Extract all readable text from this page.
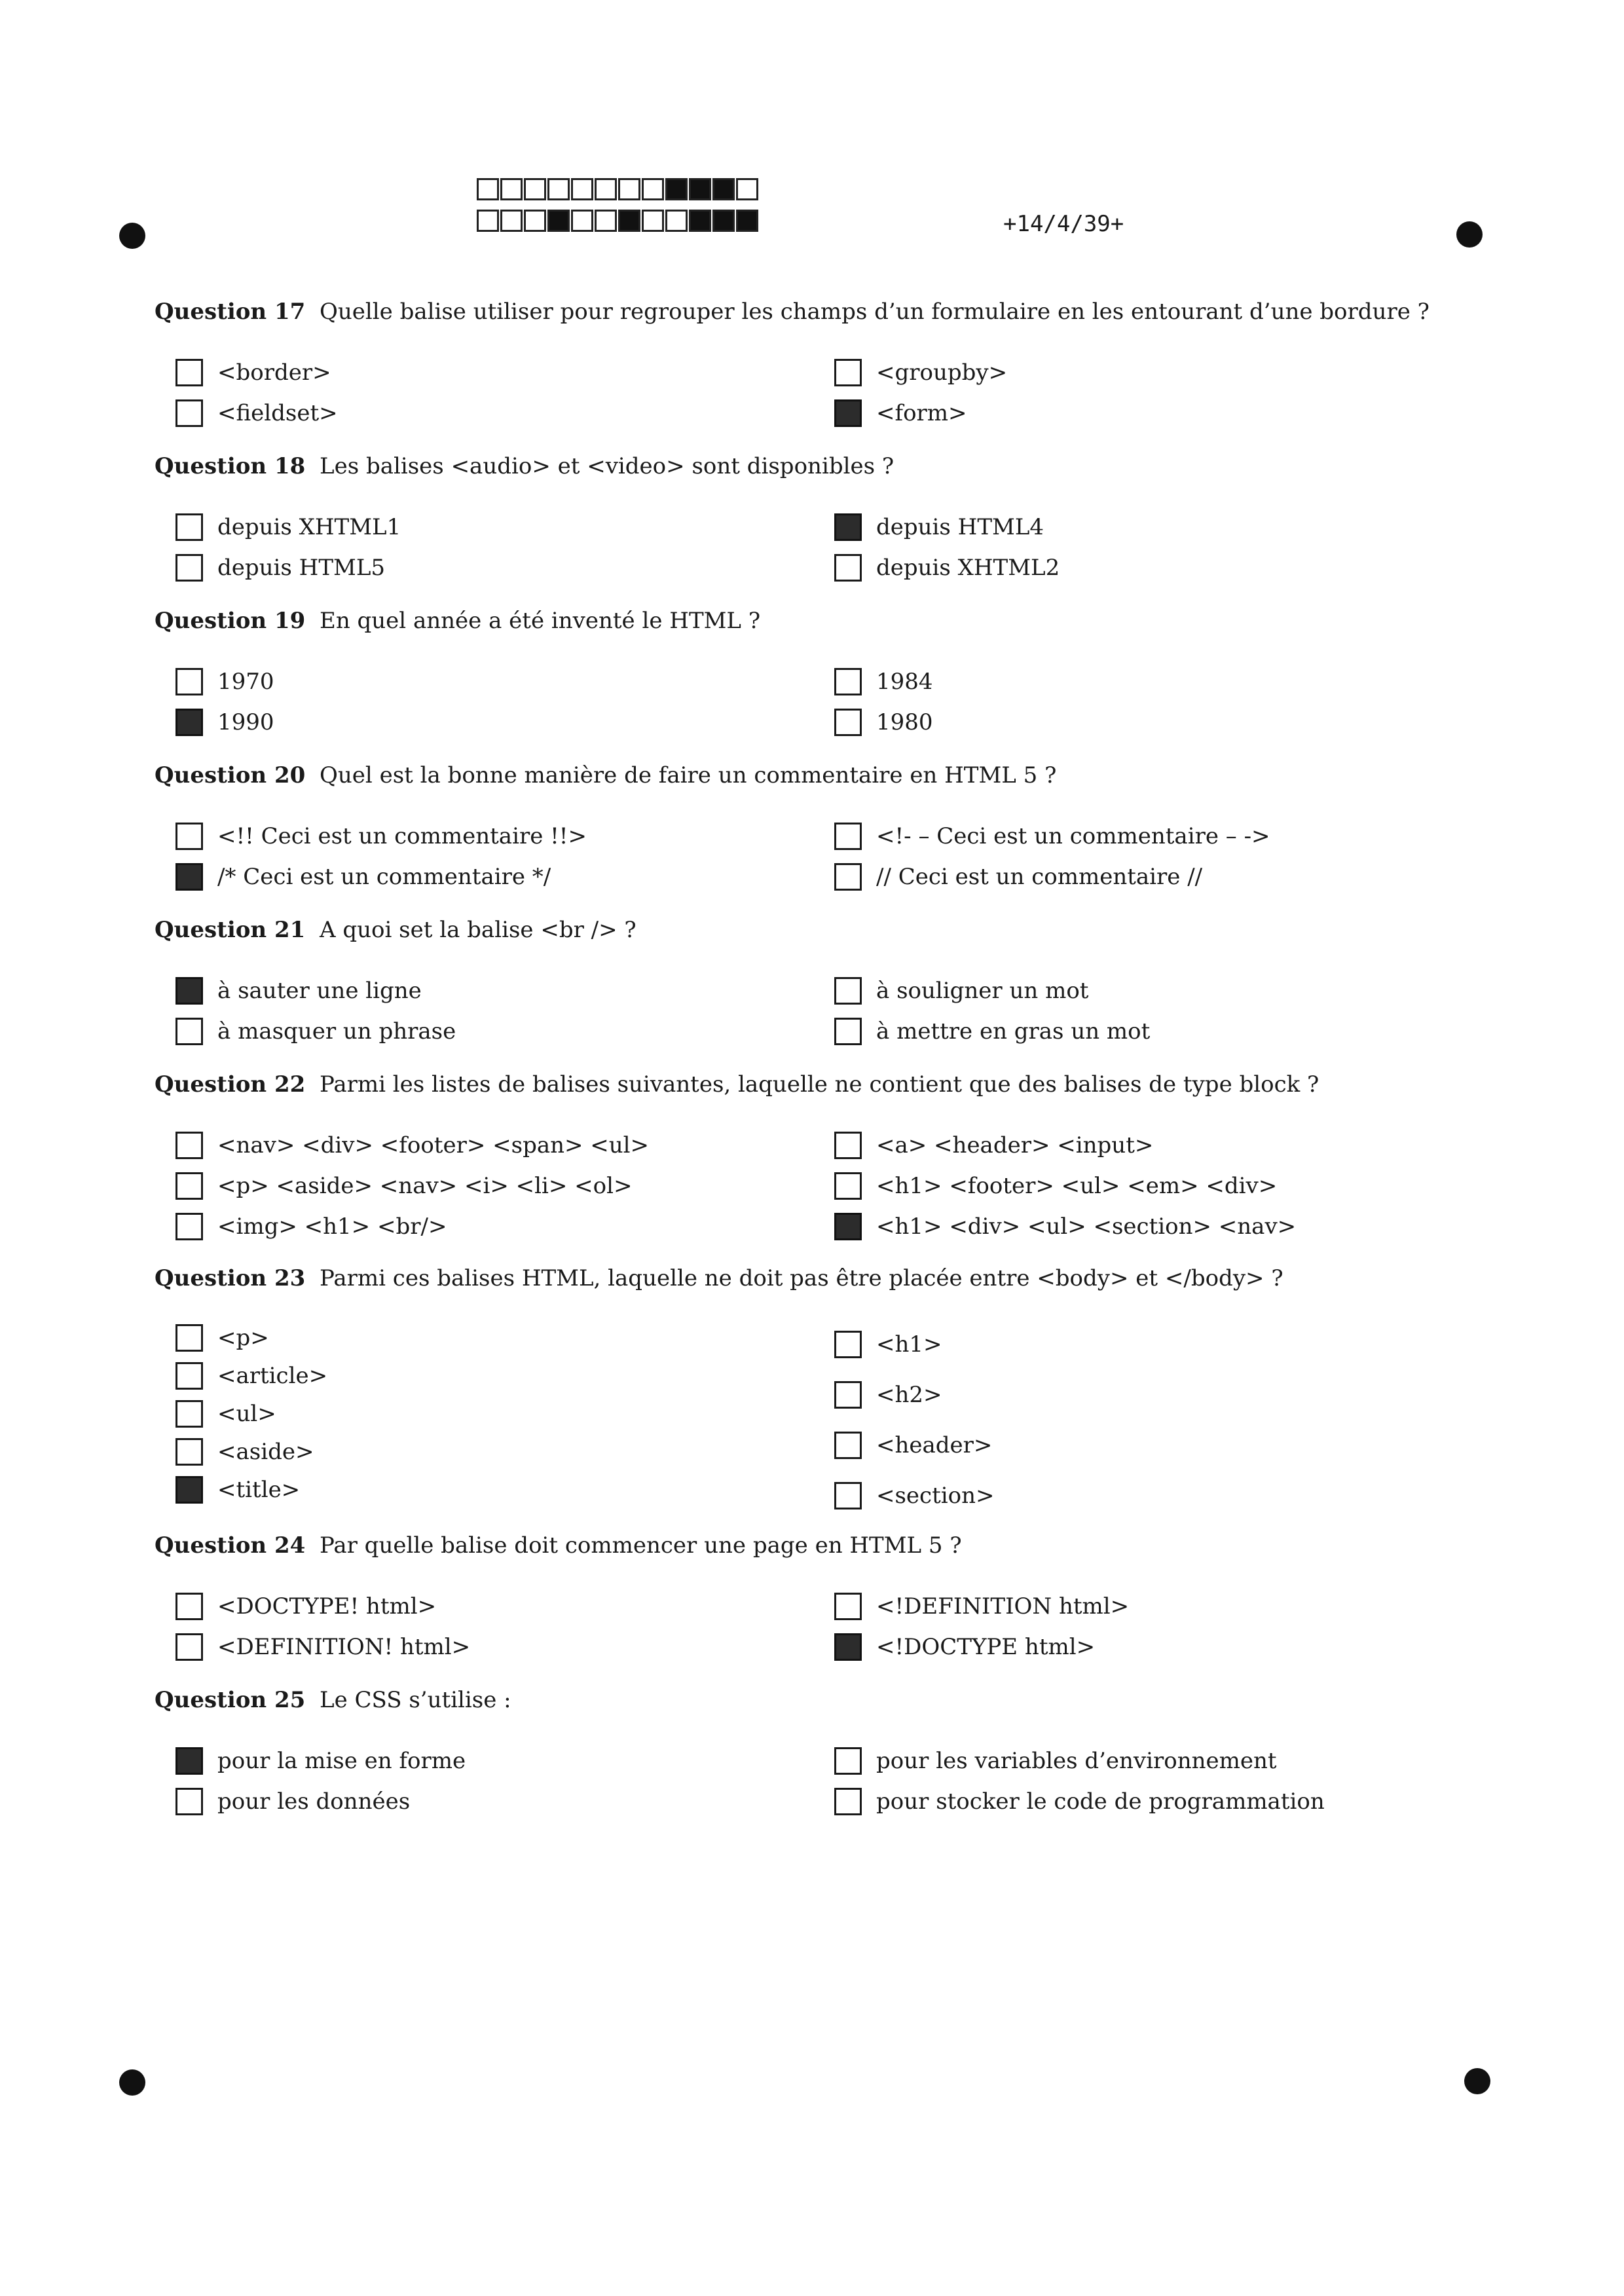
+14/4/39+
Question 17 Quelle balise utiliser pour regrouper les champs d’un formulaire en les entourant d’une bordure ?
<border>
<fieldset>
<groupby>
<form>
Question 18 Les balises <audio> et <video> sont disponibles ?
depuis XHTML1
depuis HTML5
depuis HTML4
depuis XHTML2
Question 19 En quel année a été inventé le HTML ?
1970
1990
1984
1980
Question 20 Quel est la bonne manière de faire un commentaire en HTML 5 ?
<!! Ceci est un commentaire !!>
/* Ceci est un commentaire */
<!- – Ceci est un commentaire – ->
// Ceci est un commentaire //
Question 21 A quoi set la balise <br /> ?
à sauter une ligne
à masquer un phrase
à souligner un mot
à mettre en gras un mot
Question 22 Parmi les listes de balises suivantes, laquelle ne contient que des balises de type block ?
<nav> <div> <footer> <span> <ul>
<p> <aside> <nav> <i> <li> <ol>
<img> <h1> <br/>
<a> <header> <input>
<h1> <footer> <ul> <em> <div>
<h1> <div> <ul> <section> <nav>
Question 23 Parmi ces balises HTML, laquelle ne doit pas être placée entre <body> et </body> ?
<p>
<article>
<ul>
<aside>
<title>
<h1>
<h2>
<header>
<section>
Question 24 Par quelle balise doit commencer une page en HTML 5 ?
<DOCTYPE! html>
<DEFINITION! html>
<!DEFINITION html>
<!DOCTYPE html>
Question 25 Le CSS s’utilise :
pour la mise en forme
pour les données
pour les variables d’environnement
pour stocker le code de programmation
